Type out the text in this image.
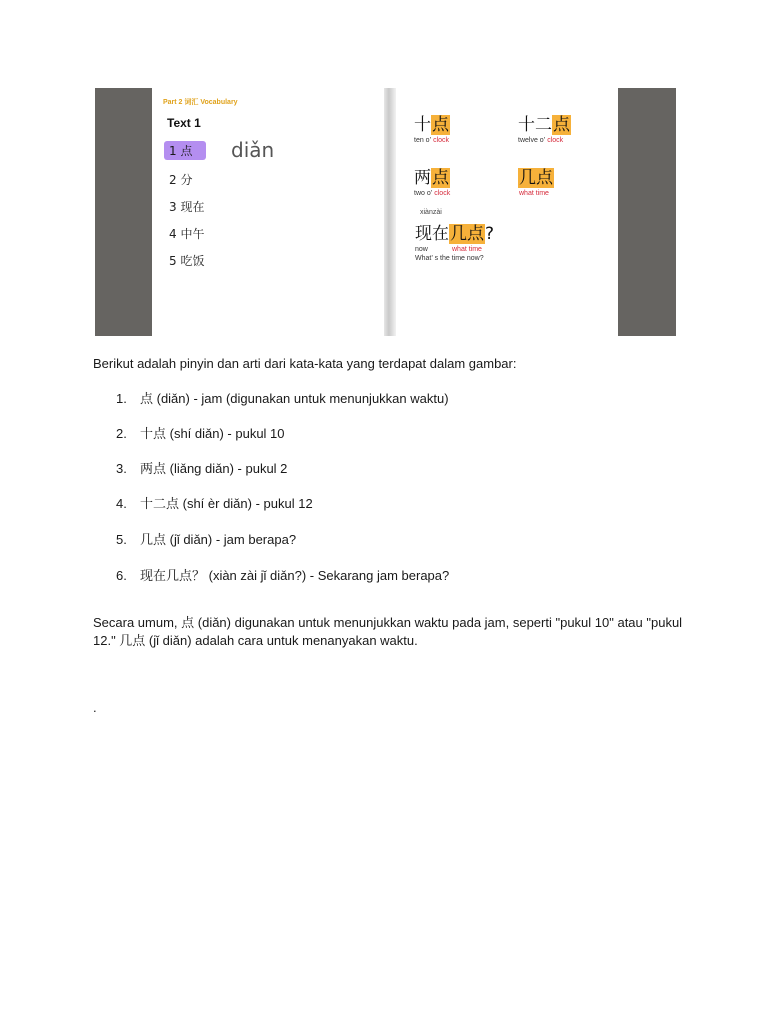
Part 2 词汇 Vocabulary
Text 1
1 点
2 分
3 现在
4 中午
5 吃饭
diǎn
十点
ten o’ clock
十二点
twelve o’ clock
两点
two o’ clock
几点
what time
xiànzài
现在几点?
now	what time
What’ s the time now?
Berikut adalah pinyin dan arti dari kata-kata yang terdapat dalam gambar:
1. 点 (diǎn) - jam (digunakan untuk menunjukkan waktu)
2. 十点 (shí diǎn) - pukul 10
3. 两点 (liǎng diǎn) - pukul 2
4. 十二点 (shí èr diǎn) - pukul 12
5. 几点 (jǐ diǎn) - jam berapa?
6. 现在几点？ (xiàn zài jǐ diǎn?) - Sekarang jam berapa?
Secara umum, 点 (diǎn) digunakan untuk menunjukkan waktu pada jam, seperti "pukul 10" atau "pukul 12." 几点 (jǐ diǎn) adalah cara untuk menanyakan waktu.
.
